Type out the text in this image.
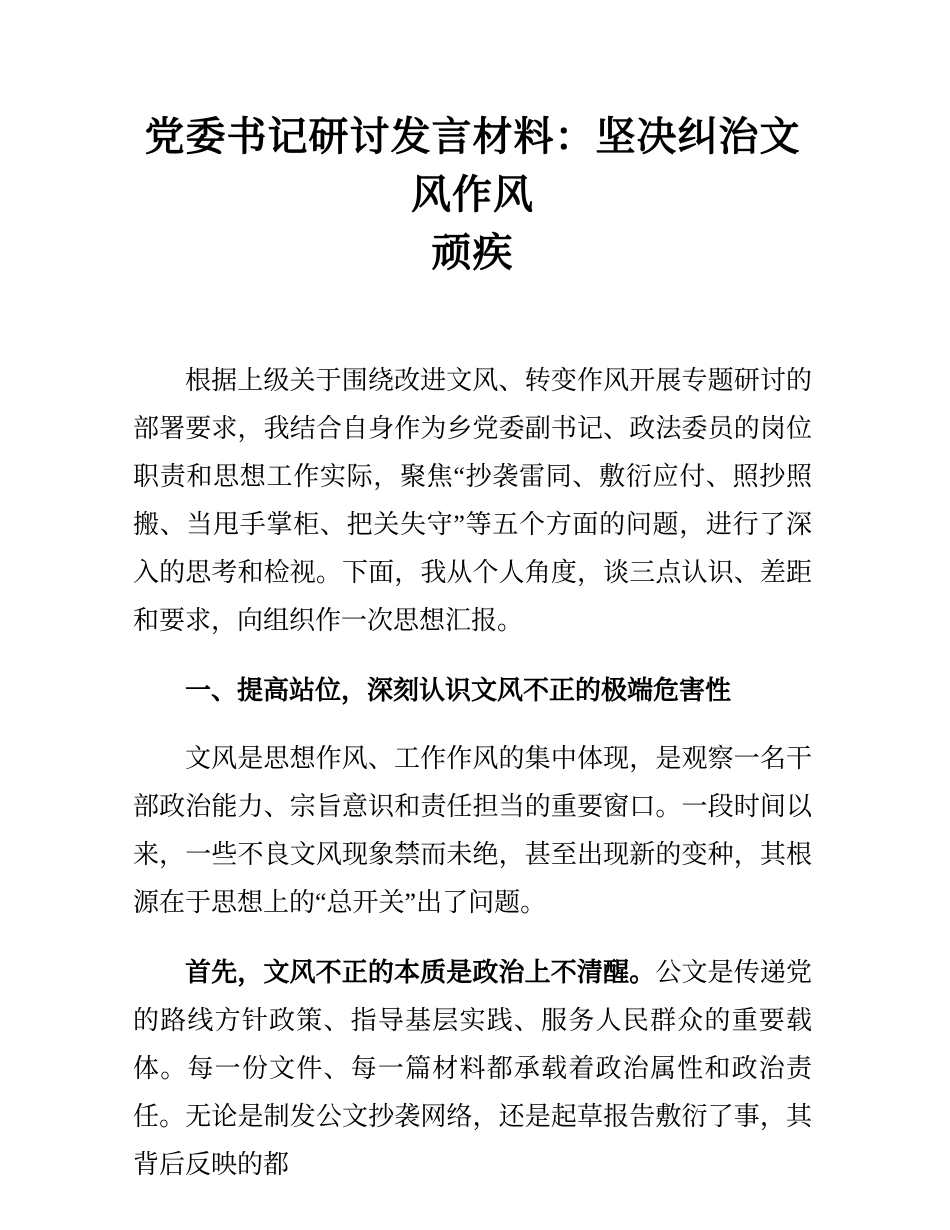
党委书记研讨发言材料：坚决纠治文风作风
顽疾

根据上级关于围绕改进文风、转变作风开展专题研讨的部署要求，我结合自身作为乡党委副书记、政法委员的岗位职责和思想工作实际，聚焦“抄袭雷同、敷衍应付、照抄照搬、当甩手掌柜、把关失守”等五个方面的问题，进行了深入的思考和检视。下面，我从个人角度，谈三点认识、差距和要求，向组织作一次思想汇报。

一、提高站位，深刻认识文风不正的极端危害性

文风是思想作风、工作作风的集中体现，是观察一名干部政治能力、宗旨意识和责任担当的重要窗口。一段时间以来，一些不良文风现象禁而未绝，甚至出现新的变种，其根源在于思想上的“总开关”出了问题。

首先，文风不正的本质是政治上不清醒。公文是传递党的路线方针政策、指导基层实践、服务人民群众的重要载体。每一份文件、每一篇材料都承载着政治属性和政治责任。无论是制发公文抄袭网络，还是起草报告敷衍了事，其背后反映的都
